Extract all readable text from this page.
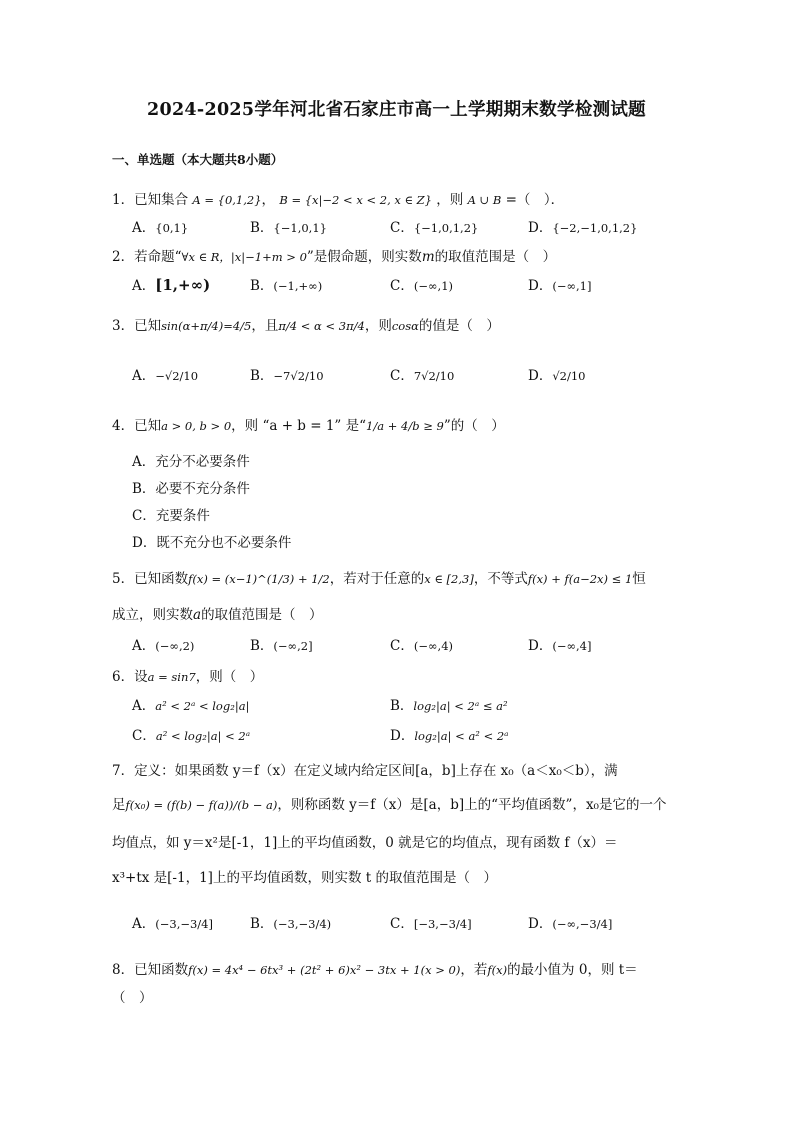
2024-2025学年河北省石家庄市高一上学期期末数学检测试题
一、单选题（本大题共8小题）
1．已知集合 A = {0,1,2}， B = {x|−2 < x < 2, x ∈ Z} ，则 A ∪ B =（　）．
A．{0,1}	B．{−1,0,1}	C．{−1,0,1,2}	D．{−2,−1,0,1,2}
2．若命题“∀x ∈ R，|x|−1+m > 0”是假命题，则实数m的取值范围是（　）
A．[1,+∞)	B．(−1,+∞)	C．(−∞,1)	D．(−∞,1]
3．已知sin(α+π/4)=4/5，且π/4 < α < 3π/4，则cosα的值是（　）
A．−√2/10	B．−7√2/10	C．7√2/10	D．√2/10
4．已知a > 0, b > 0，则 “a + b = 1” 是“1/a + 4/b ≥ 9”的（　）
A．充分不必要条件
B．必要不充分条件
C．充要条件
D．既不充分也不必要条件
5．已知函数f(x) = (x−1)^(1/3) + 1/2，若对于任意的x ∈ [2,3]，不等式f(x) + f(a−2x) ≤ 1恒
成立，则实数a的取值范围是（　）
A．(−∞,2)	B．(−∞,2]	C．(−∞,4)	D．(−∞,4]
6．设a = sin7，则（　）
A．a² < 2ᵃ < log₂|a|	B．log₂|a| < 2ᵃ ≤ a²
C．a² < log₂|a| < 2ᵃ	D．log₂|a| < a² < 2ᵃ
7．定义：如果函数 y＝f（x）在定义域内给定区间[a，b]上存在 x₀（a＜x₀＜b），满
足f(x₀) = (f(b) − f(a))/(b − a)，则称函数 y＝f（x）是[a，b]上的“平均值函数”，x₀是它的一个
均值点，如 y＝x²是[-1，1]上的平均值函数，0 就是它的均值点，现有函数 f（x）＝
x³+tx 是[-1，1]上的平均值函数，则实数 t 的取值范围是（　）
A．(−3,−3/4]	B．(−3,−3/4)	C．[−3,−3/4]	D．(−∞,−3/4]
8．已知函数f(x) = 4x⁴ − 6tx³ + (2t² + 6)x² − 3tx + 1(x > 0)，若f(x)的最小值为 0，则 t＝
（　）
